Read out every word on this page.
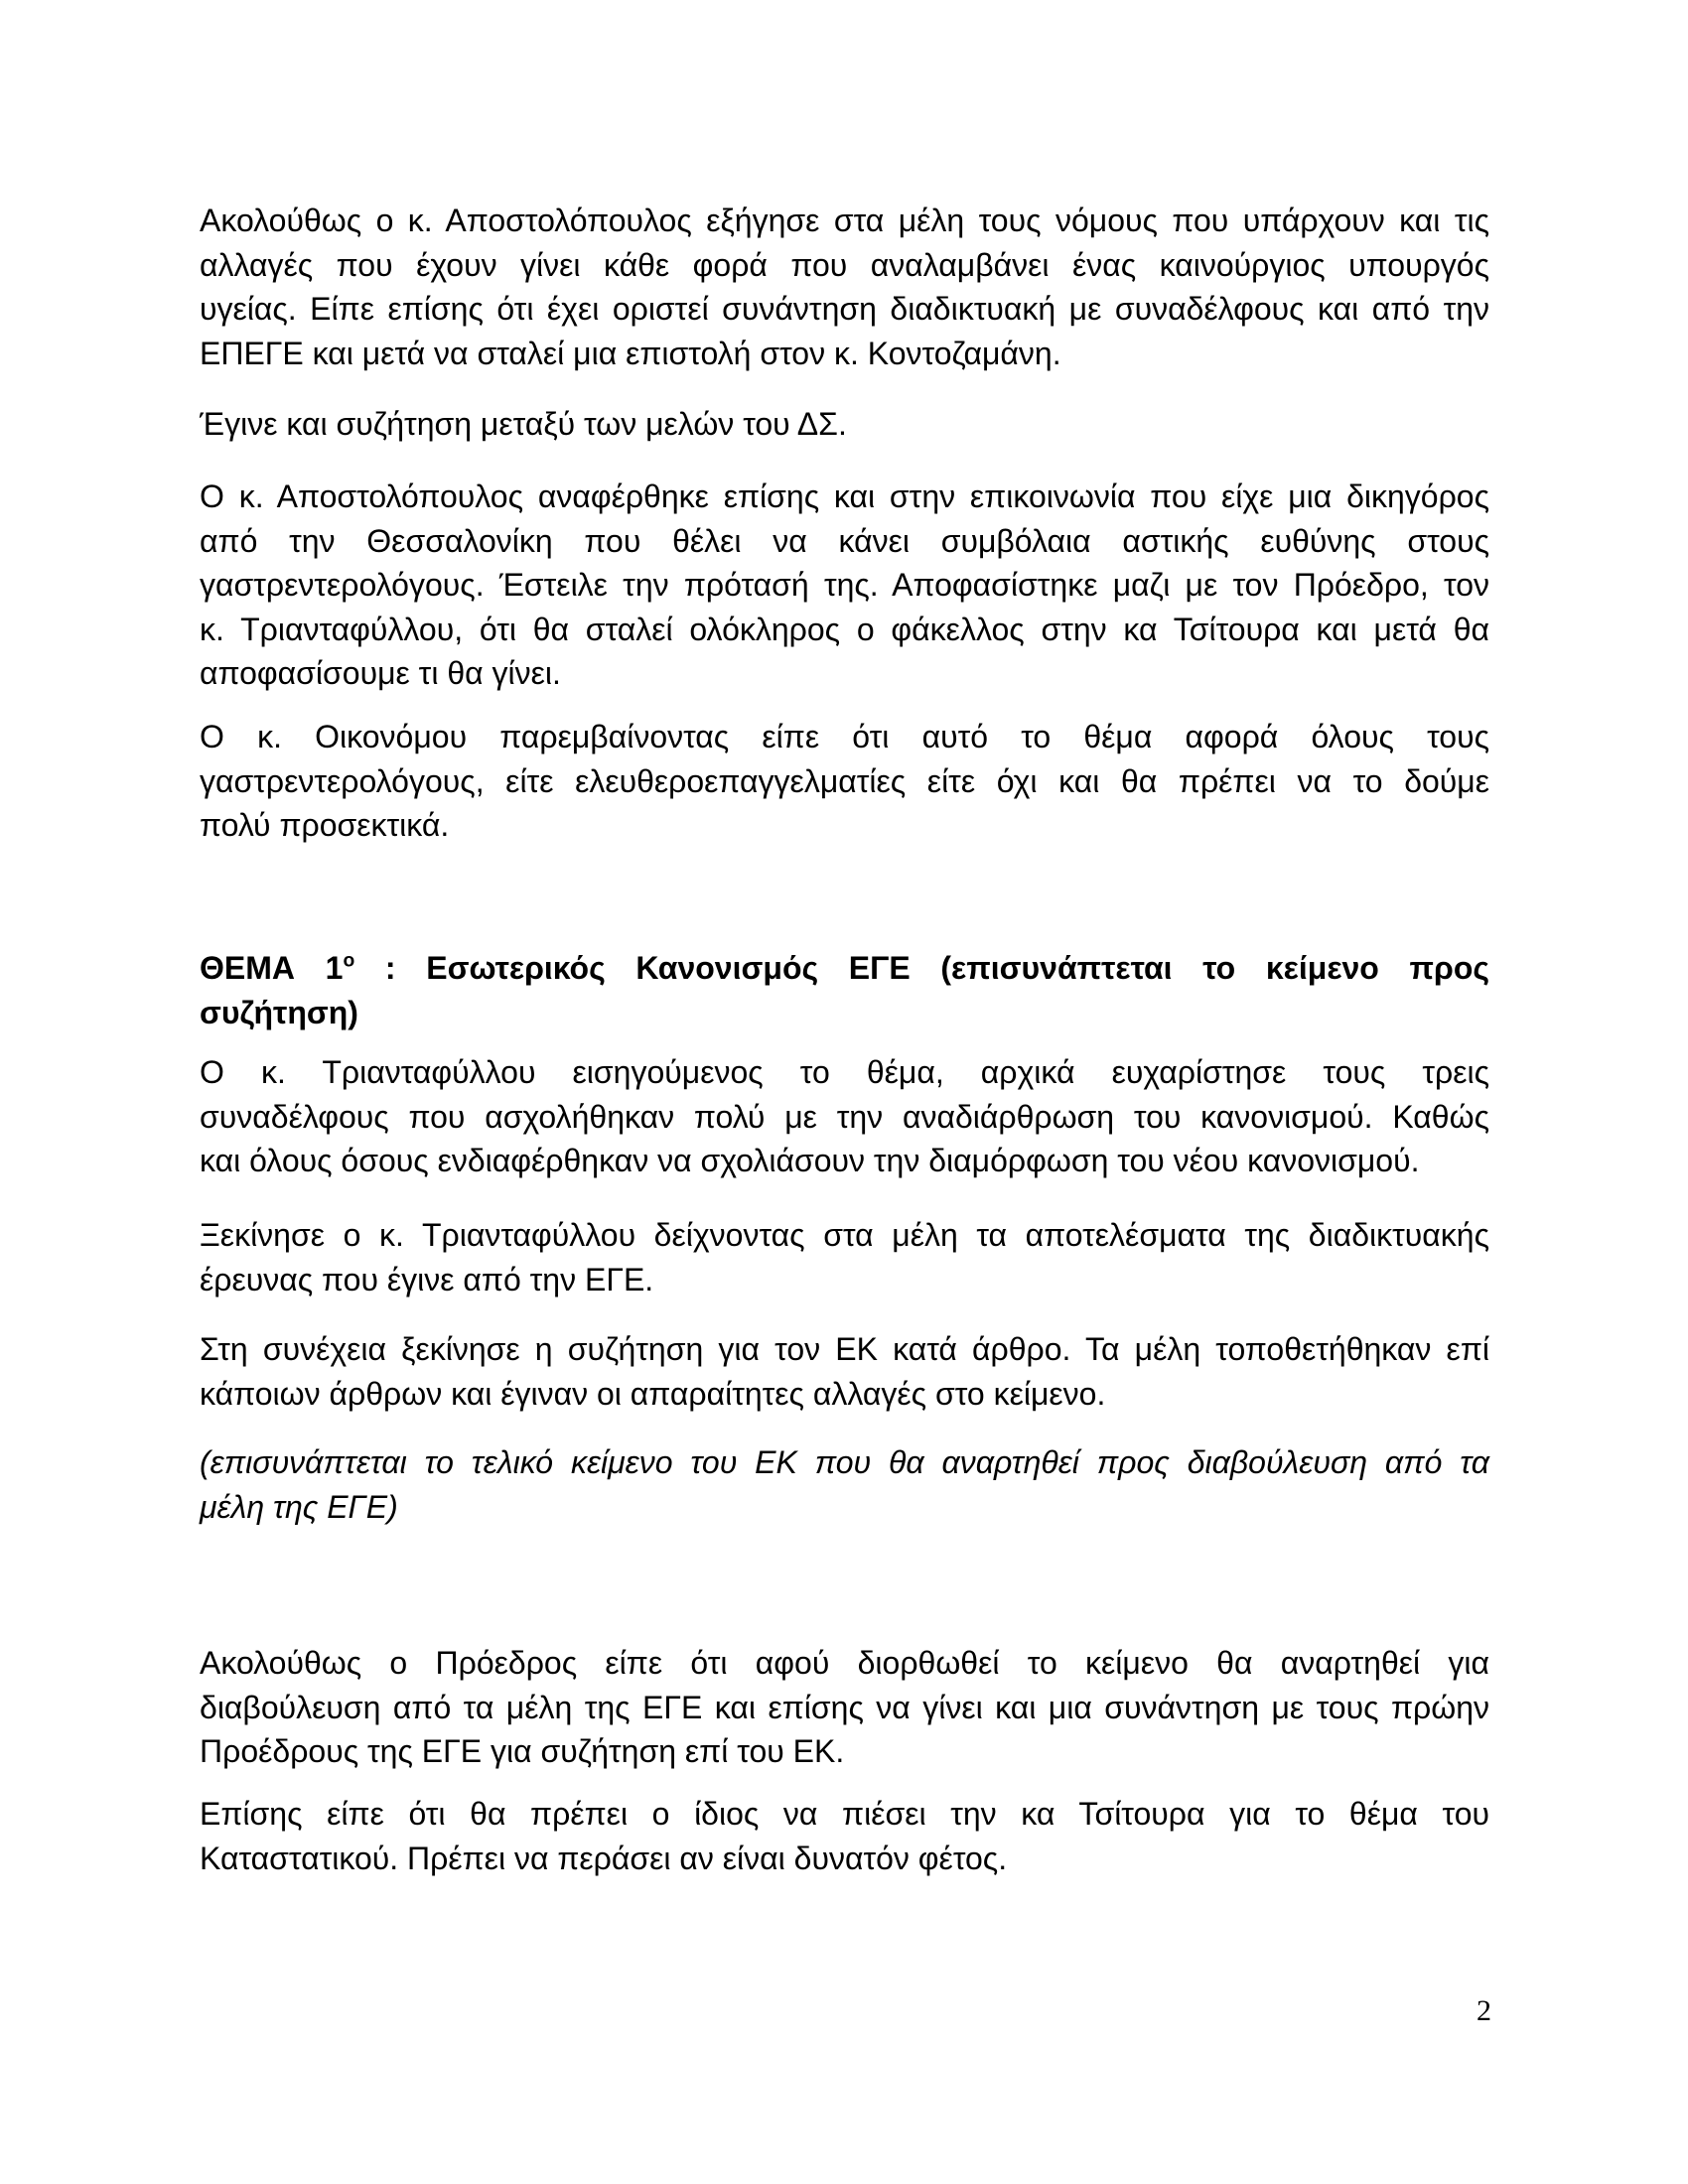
Ακολούθως ο κ. Αποστολόπουλος εξήγησε στα μέλη τους νόμους που υπάρχουν και τις
αλλαγές που έχουν γίνει κάθε φορά που αναλαμβάνει ένας καινούργιος υπουργός
υγείας. Είπε επίσης ότι έχει οριστεί συνάντηση διαδικτυακή με συναδέλφους και από την
ΕΠΕΓΕ και μετά να σταλεί μια επιστολή στον κ. Κοντοζαμάνη.
Έγινε και συζήτηση μεταξύ των μελών του ΔΣ.
Ο κ. Αποστολόπουλος αναφέρθηκε επίσης και στην επικοινωνία που είχε μια δικηγόρος
από την Θεσσαλονίκη που θέλει να κάνει συμβόλαια αστικής ευθύνης στους
γαστρεντερολόγους. Έστειλε την πρότασή της. Αποφασίστηκε μαζι με τον Πρόεδρο, τον
κ. Τριανταφύλλου, ότι θα σταλεί ολόκληρος ο φάκελλος στην κα Τσίτουρα και μετά θα
αποφασίσουμε τι θα γίνει.
Ο κ. Οικονόμου παρεμβαίνοντας είπε ότι αυτό το θέμα αφορά όλους τους
γαστρεντερολόγους, είτε ελευθεροεπαγγελματίες είτε όχι και θα πρέπει να το δούμε
πολύ προσεκτικά.
ΘΕΜΑ $1^o$ : Εσωτερικός Κανονισμός ΕΓΕ (επισυνάπτεται το κείμενο προς
συζήτηση)
Ο κ. Τριανταφύλλου εισηγούμενος το θέμα, αρχικά ευχαρίστησε τους τρεις
συναδέλφους που ασχολήθηκαν πολύ με την αναδιάρθρωση του κανονισμού. Καθώς
και όλους όσους ενδιαφέρθηκαν να σχολιάσουν την διαμόρφωση του νέου κανονισμού.
Ξεκίνησε ο κ. Τριανταφύλλου δείχνοντας στα μέλη τα αποτελέσματα της διαδικτυακής
έρευνας που έγινε από την ΕΓΕ.
Στη συνέχεια ξεκίνησε η συζήτηση για τον ΕΚ κατά άρθρο. Τα μέλη τοποθετήθηκαν επί
κάποιων άρθρων και έγιναν οι απαραίτητες αλλαγές στο κείμενο.
(επισυνάπτεται το τελικό κείμενο του ΕΚ που θα αναρτηθεί προς διαβούλευση από τα
μέλη της ΕΓΕ)
Ακολούθως ο Πρόεδρος είπε ότι αφού διορθωθεί το κείμενο θα αναρτηθεί για
διαβούλευση από τα μέλη της ΕΓΕ και επίσης να γίνει και μια συνάντηση με τους πρώην
Προέδρους της ΕΓΕ για συζήτηση επί του ΕΚ.
Επίσης είπε ότι θα πρέπει ο ίδιος να πιέσει την κα Τσίτουρα για το θέμα του
Καταστατικού. Πρέπει να περάσει αν είναι δυνατόν φέτος.
2
